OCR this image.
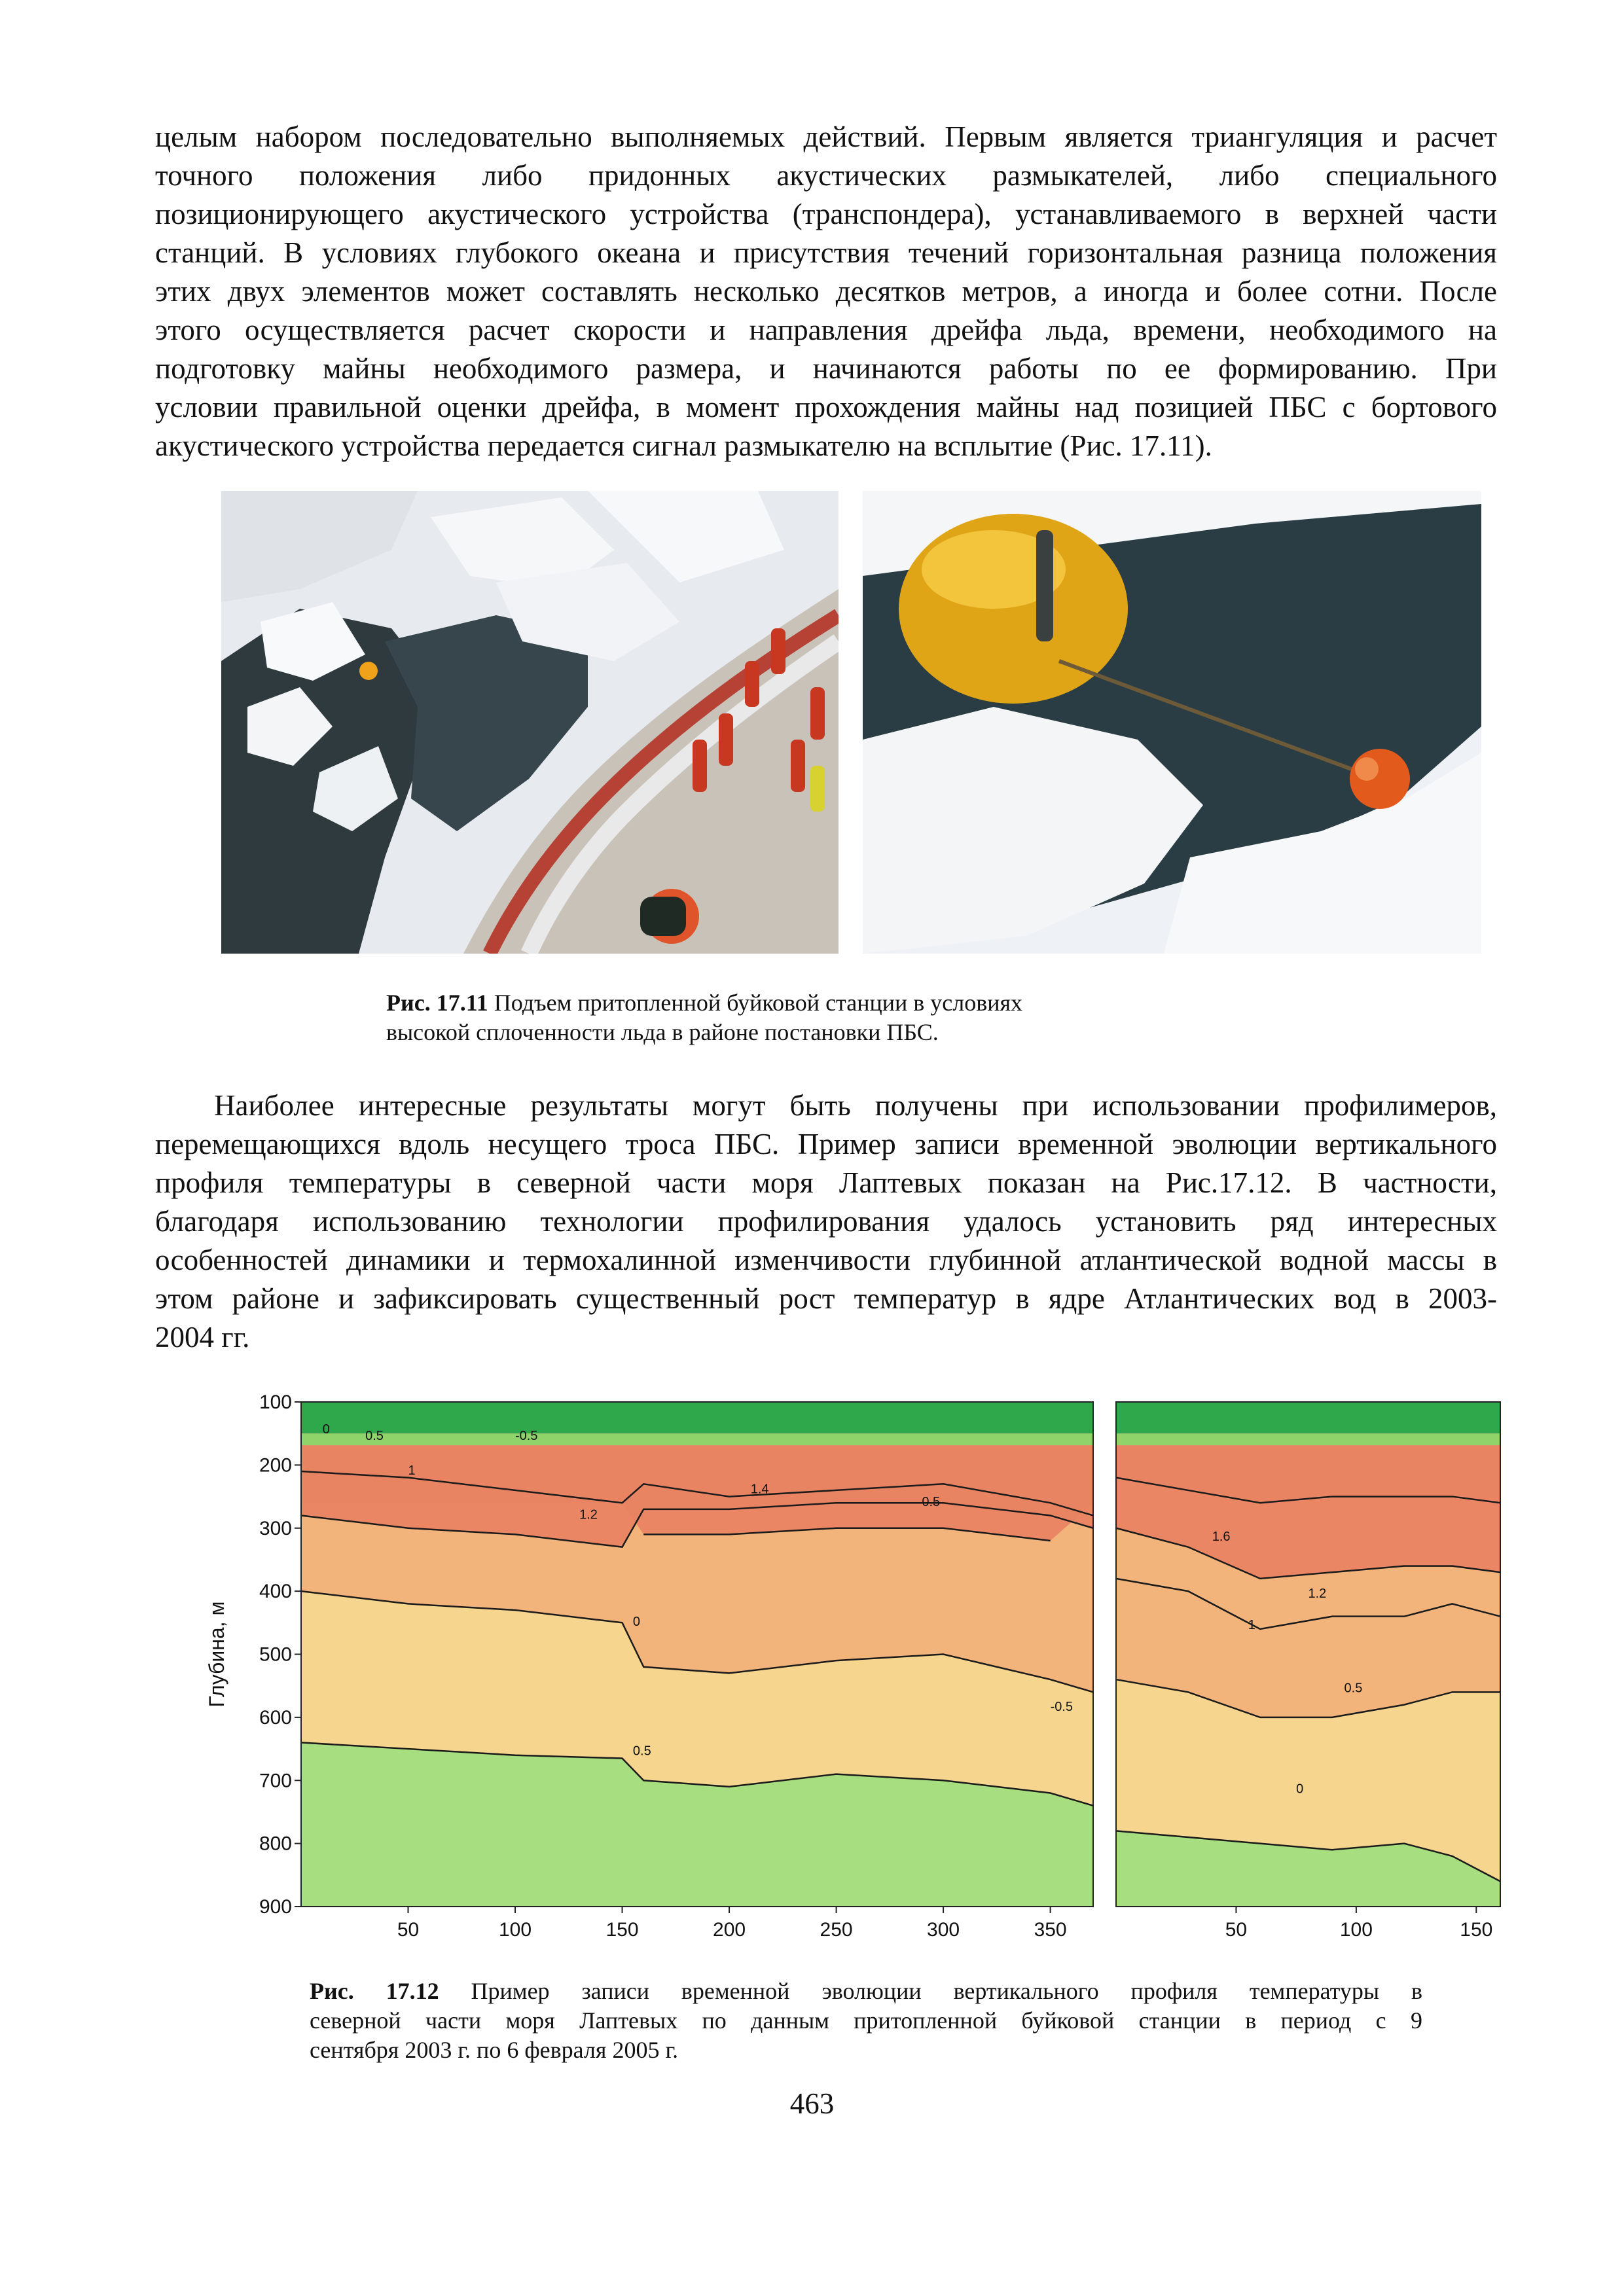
целым набором последовательно выполняемых действий. Первым является триангуляция и расчет
точного положения либо придонных акустических размыкателей, либо специального
позиционирующего акустического устройства (транспондера), устанавливаемого в верхней части
станций. В условиях глубокого океана и присутствия течений горизонтальная разница положения
этих двух элементов может составлять несколько десятков метров, а иногда и более сотни. После
этого осуществляется расчет скорости и направления дрейфа льда, времени, необходимого на
подготовку майны необходимого размера, и начинаются работы по ее формированию. При
условии правильной оценки дрейфа, в момент прохождения майны над позицией ПБС с бортового
акустического устройства передается сигнал размыкателю на всплытие (Рис. 17.11).

Рис. 17.11 Подъем притопленной буйковой станции в условиях
высокой сплоченности льда в районе постановки ПБС.

Наиболее интересные результаты могут быть получены при использовании профилимеров,
перемещающихся вдоль несущего троса ПБС. Пример записи временной эволюции вертикального
профиля температуры в северной части моря Лаптевых показан на Рис.17.12. В частности,
благодаря использованию технологии профилирования удалось установить ряд интересных
особенностей динамики и термохалинной изменчивости глубинной атлантической водной массы в
этом районе и зафиксировать существенный рост температур в ядре Атлантических вод в 2003-
2004 гг.
50	100	150	200	250	300	350
100
200
300
400
500
600
700
800
900
Глубина, м
-0.5
0.5
1
1.2
1.4
0.5
0
-0.5
0.5
0
50	100	150
1.6
1.2
1
0.5
0

Рис. 17.12 Пример записи временной эволюции вертикального профиля температуры в
северной части моря Лаптевых по данным притопленной буйковой станции в период с 9
сентября 2003 г. по 6 февраля 2005 г.

463
